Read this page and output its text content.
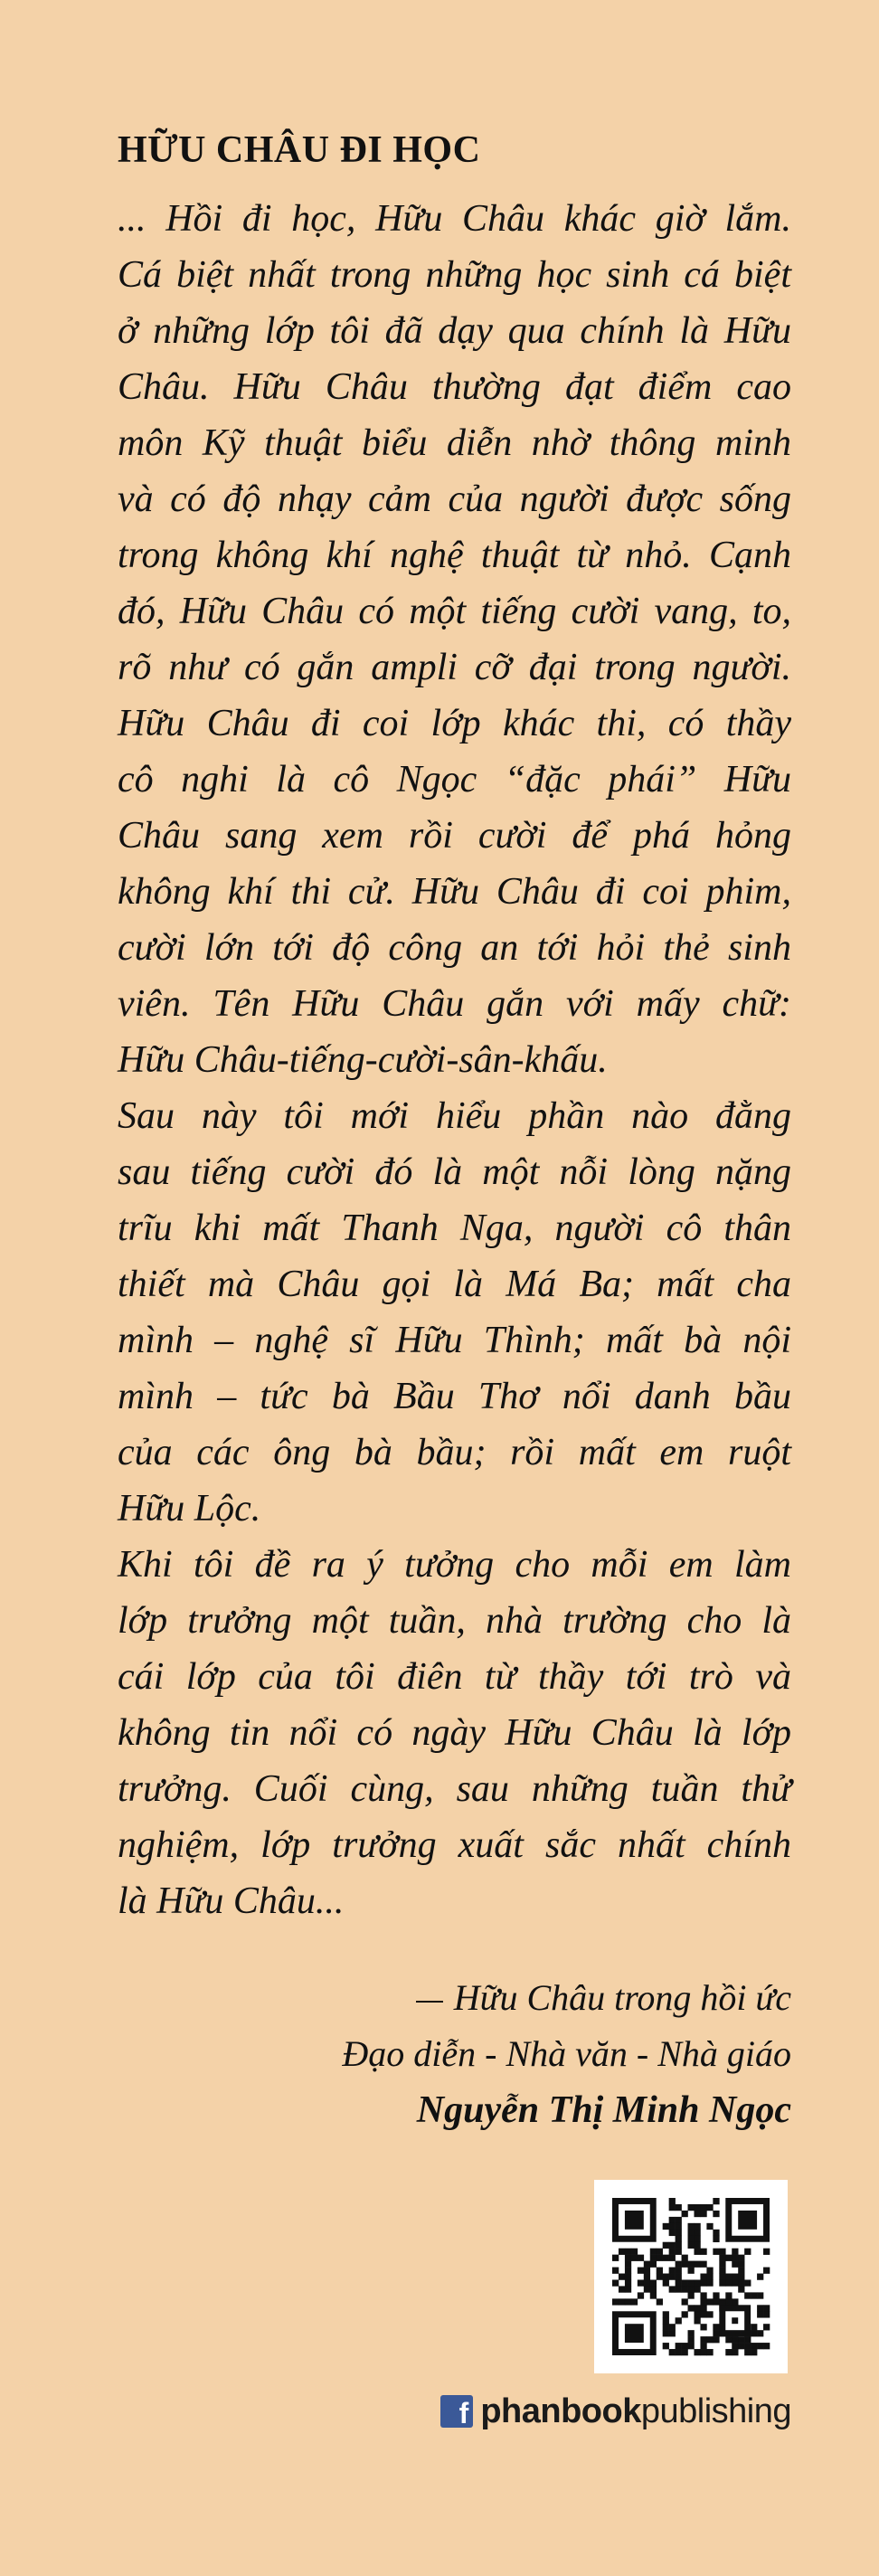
HỮU CHÂU ĐI HỌC
... Hồi đi học, Hữu Châu khác giờ lắm.
Cá biệt nhất trong những học sinh cá biệt
ở những lớp tôi đã dạy qua chính là Hữu
Châu. Hữu Châu thường đạt điểm cao
môn Kỹ thuật biểu diễn nhờ thông minh
và có độ nhạy cảm của người được sống
trong không khí nghệ thuật từ nhỏ. Cạnh
đó, Hữu Châu có một tiếng cười vang, to,
rõ như có gắn ampli cỡ đại trong người.
Hữu Châu đi coi lớp khác thi, có thầy
cô nghi là cô Ngọc “đặc phái” Hữu
Châu sang xem rồi cười để phá hỏng
không khí thi cử. Hữu Châu đi coi phim,
cười lớn tới độ công an tới hỏi thẻ sinh
viên. Tên Hữu Châu gắn với mấy chữ:
Hữu Châu-tiếng-cười-sân-khấu.
Sau này tôi mới hiểu phần nào đằng
sau tiếng cười đó là một nỗi lòng nặng
trĩu khi mất Thanh Nga, người cô thân
thiết mà Châu gọi là Má Ba; mất cha
mình – nghệ sĩ Hữu Thình; mất bà nội
mình – tức bà Bầu Thơ nổi danh bầu
của các ông bà bầu; rồi mất em ruột
Hữu Lộc.
Khi tôi đề ra ý tưởng cho mỗi em làm
lớp trưởng một tuần, nhà trường cho là
cái lớp của tôi điên từ thầy tới trò và
không tin nổi có ngày Hữu Châu là lớp
trưởng. Cuối cùng, sau những tuần thử
nghiệm, lớp trưởng xuất sắc nhất chính
là Hữu Châu...
Hữu Châu trong hồi ức
Đạo diễn - Nhà văn - Nhà giáo
Nguyễn Thị Minh Ngọc
f phanbook publishing
